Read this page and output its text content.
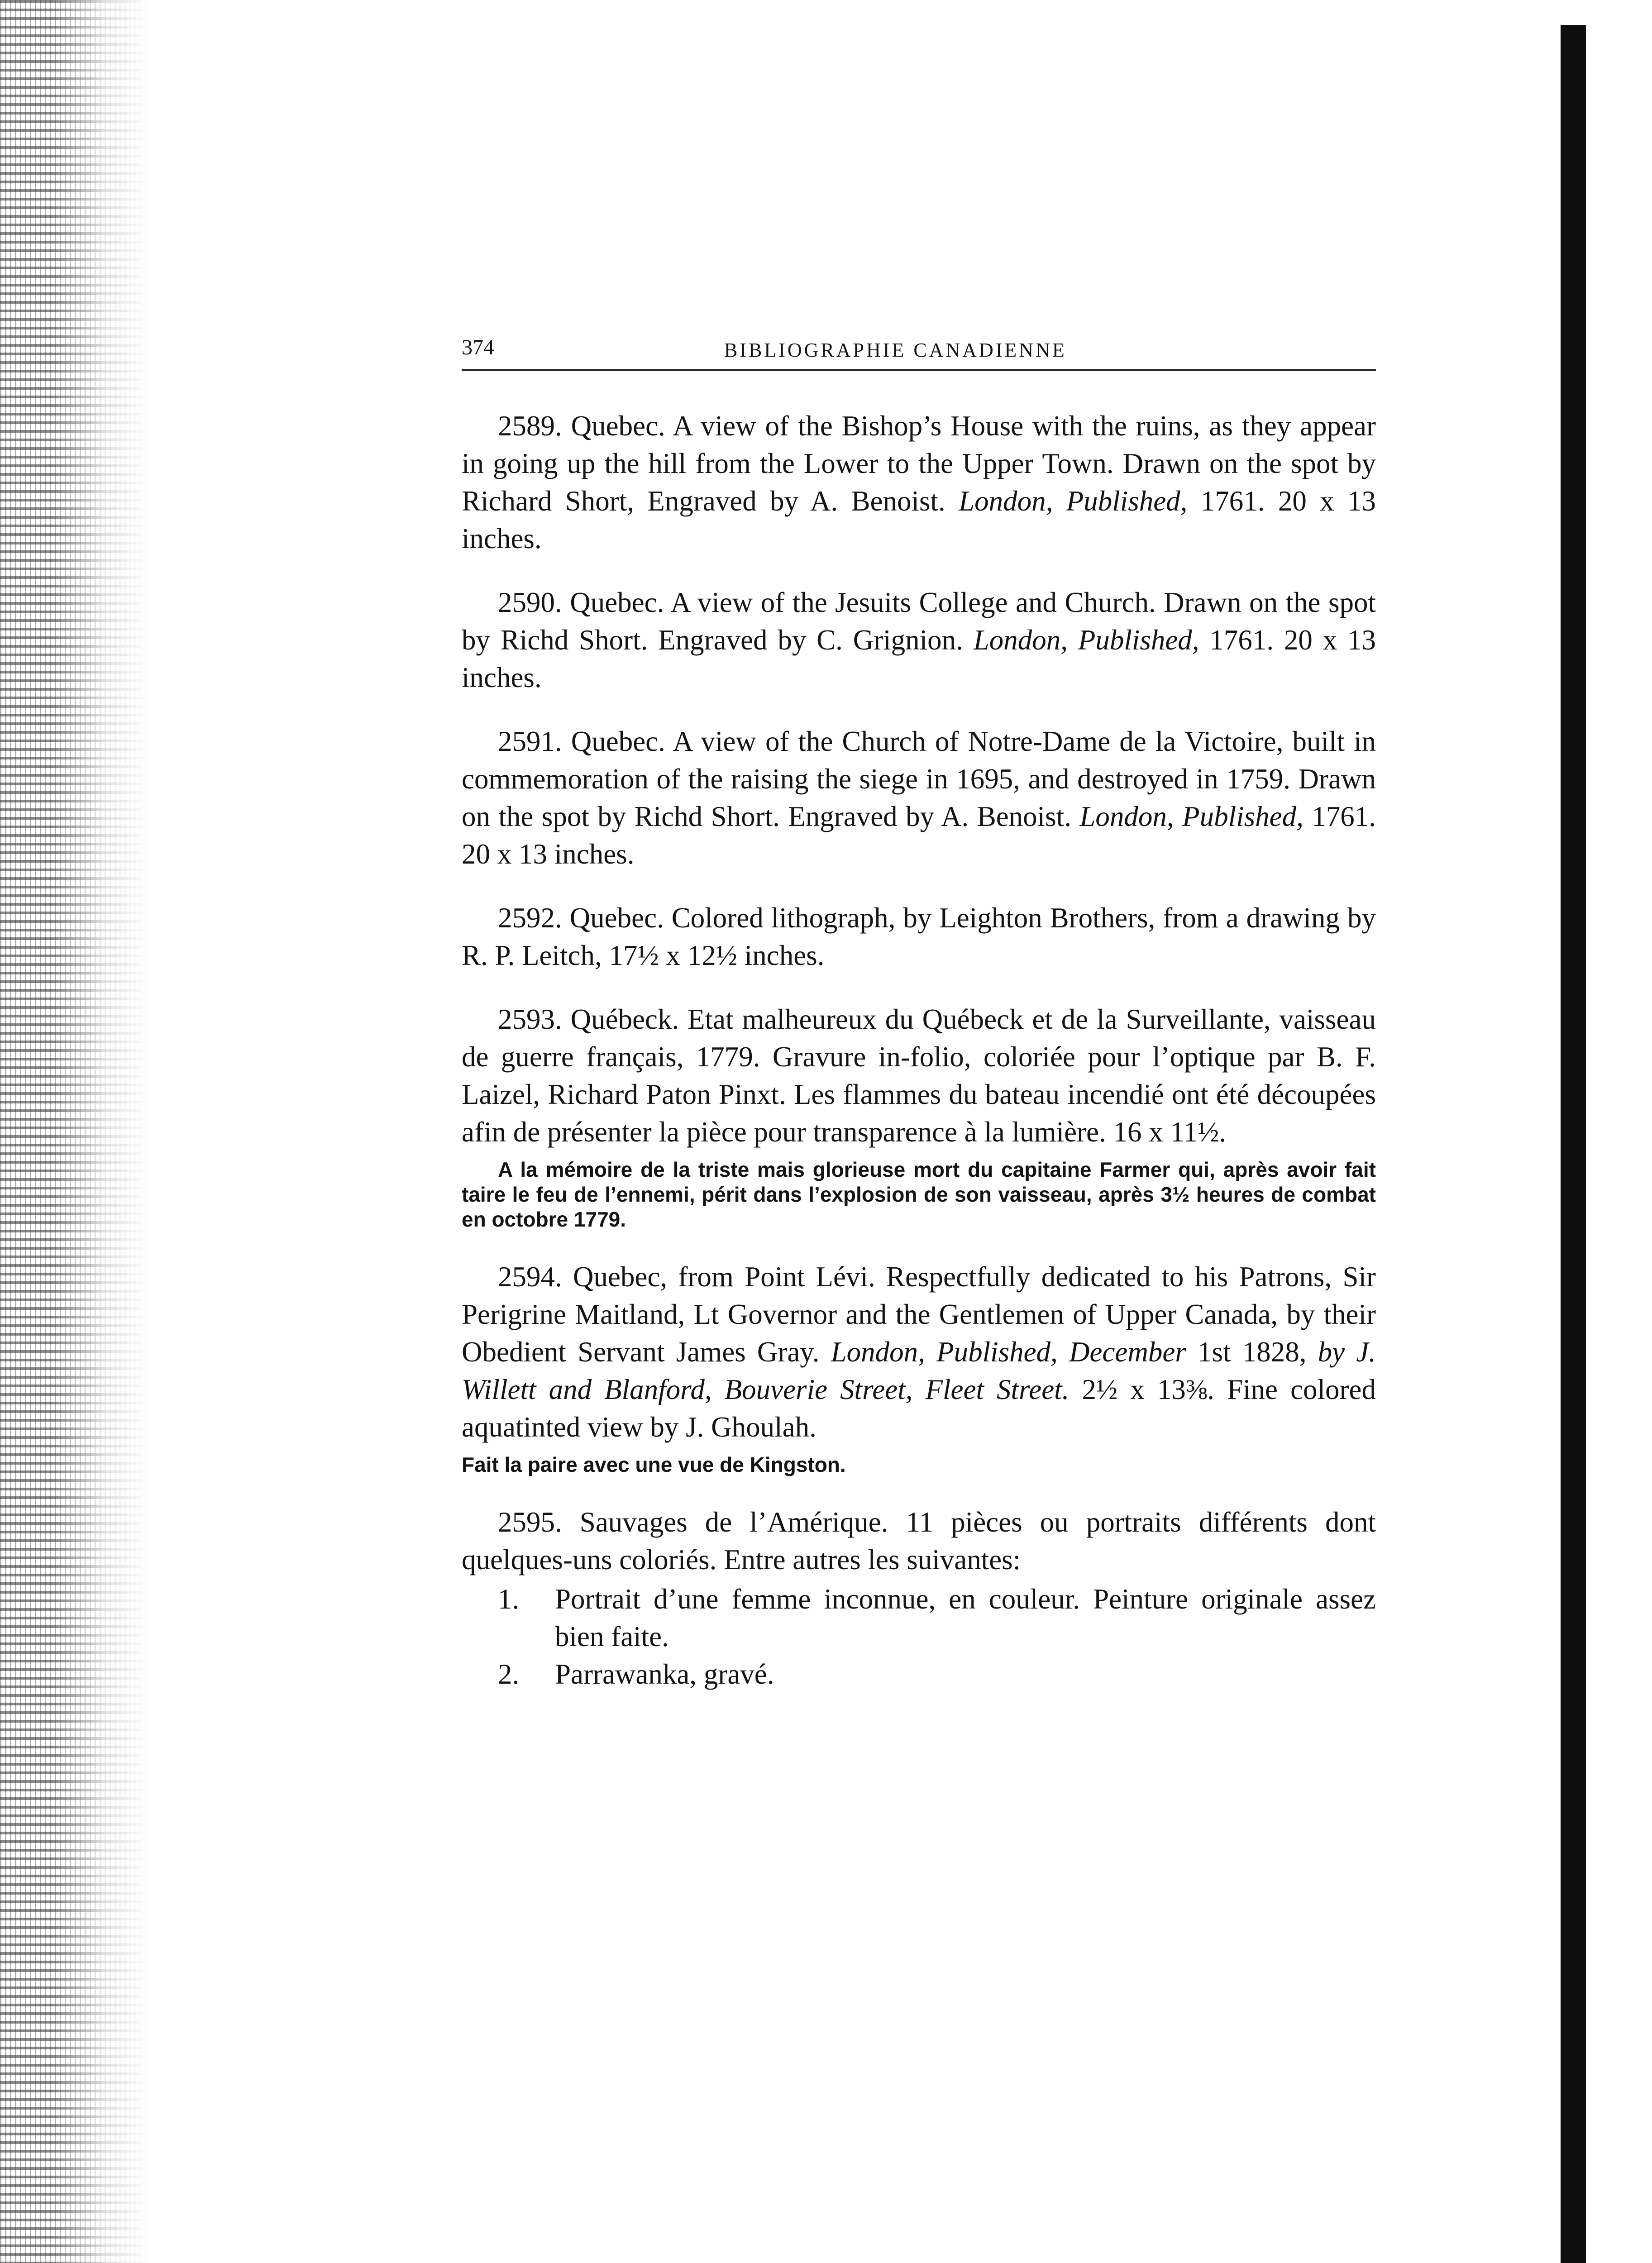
374	BIBLIOGRAPHIE CANADIENNE

2589. Quebec. A view of the Bishop’s House with the ruins, as they appear in going up the hill from the Lower to the Upper Town. Drawn on the spot by Richard Short, Engraved by A. Benoist. London, Published, 1761. 20 x 13 inches.

2590. Quebec. A view of the Jesuits College and Church. Drawn on the spot by Richd Short. Engraved by C. Grignion. London, Published, 1761. 20 x 13 inches.

2591. Quebec. A view of the Church of Notre-Dame de la Victoire, built in commemoration of the raising the siege in 1695, and destroyed in 1759. Drawn on the spot by Richd Short. Engraved by A. Benoist. London, Published, 1761. 20 x 13 inches.

2592. Quebec. Colored lithograph, by Leighton Brothers, from a drawing by R. P. Leitch, 17½ x 12½ inches.

2593. Québeck. Etat malheureux du Québeck et de la Surveillante, vaisseau de guerre français, 1779. Gravure in-folio, coloriée pour l’optique par B. F. Laizel, Richard Paton Pinxt. Les flammes du bateau incendié ont été découpées afin de présenter la pièce pour transparence à la lumière. 16 x 11½.

A la mémoire de la triste mais glorieuse mort du capitaine Farmer qui, après avoir fait taire le feu de l’ennemi, périt dans l’explosion de son vaisseau, après 3½ heures de combat en octobre 1779.

2594. Quebec, from Point Lévi. Respectfully dedicated to his Patrons, Sir Perigrine Maitland, Lt Governor and the Gentlemen of Upper Canada, by their Obedient Servant James Gray. London, Published, December 1st 1828, by J. Willett and Blanford, Bouverie Street, Fleet Street. 2½ x 13⅜. Fine colored aquatinted view by J. Ghoulah.

Fait la paire avec une vue de Kingston.

2595. Sauvages de l’Amérique. 11 pièces ou portraits différents dont quelques-uns coloriés. Entre autres les suivantes:

1.	Portrait d’une femme inconnue, en couleur. Peinture originale assez bien faite.
2.	Parrawanka, gravé.
